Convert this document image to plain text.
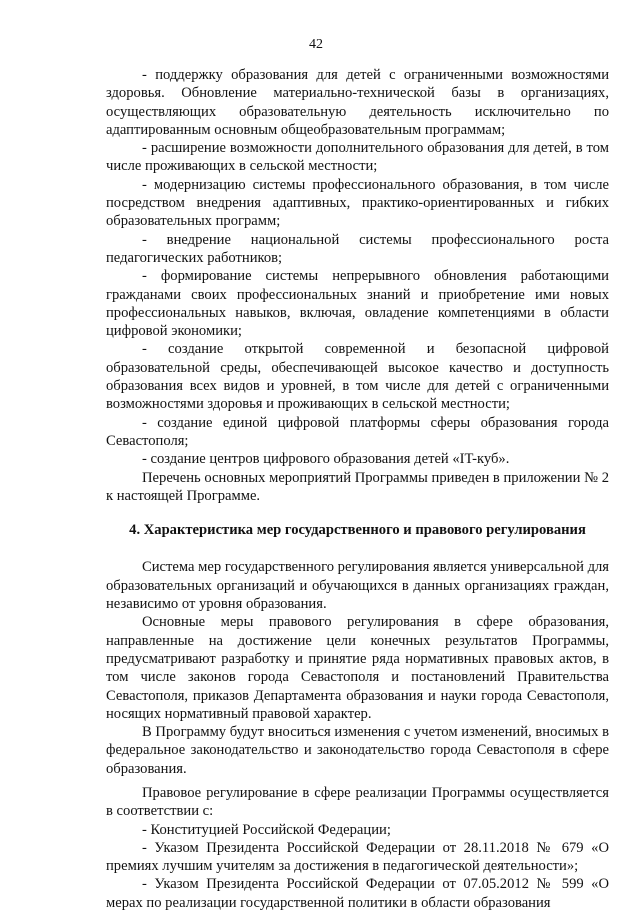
42

- поддержку образования для детей с ограниченными возможностями здоровья. Обновление материально-технической базы в организациях, осуществляющих образовательную деятельность исключительно по адаптированным основным общеобразовательным программам;

- расширение возможности дополнительного образования для детей, в том числе проживающих в сельской местности;

- модернизацию системы профессионального образования, в том числе посредством внедрения адаптивных, практико-ориентированных и гибких образовательных программ;

- внедрение национальной системы профессионального роста педагогических работников;

- формирование системы непрерывного обновления работающими гражданами своих профессиональных знаний и приобретение ими новых профессиональных навыков, включая, овладение компетенциями в области цифровой экономики;

- создание открытой современной и безопасной цифровой образовательной среды, обеспечивающей высокое качество и доступность образования всех видов и уровней, в том числе для детей с ограниченными возможностями здоровья и проживающих в сельской местности;

- создание единой цифровой платформы сферы образования города Севастополя;

- создание центров цифрового образования детей «IT-куб».

Перечень основных мероприятий Программы приведен в приложении № 2 к настоящей Программе.

4. Характеристика мер государственного и правового регулирования

Система мер государственного регулирования является универсальной для образовательных организаций и обучающихся в данных организациях граждан, независимо от уровня образования.

Основные меры правового регулирования в сфере образования, направленные на достижение цели конечных результатов Программы, предусматривают разработку и принятие ряда нормативных правовых актов, в том числе законов города Севастополя и постановлений Правительства Севастополя, приказов Департамента образования и науки города Севастополя, носящих нормативный правовой характер.

В Программу будут вноситься изменения с учетом изменений, вносимых в федеральное законодательство и законодательство города Севастополя в сфере образования.

Правовое регулирование в сфере реализации Программы осуществляется в соответствии с:

- Конституцией Российской Федерации;

- Указом Президента Российской Федерации от 28.11.2018 № 679 «О премиях лучшим учителям за достижения в педагогической деятельности»;

- Указом Президента Российской Федерации от 07.05.2012 № 599 «О мерах по реализации государственной политики в области образования
